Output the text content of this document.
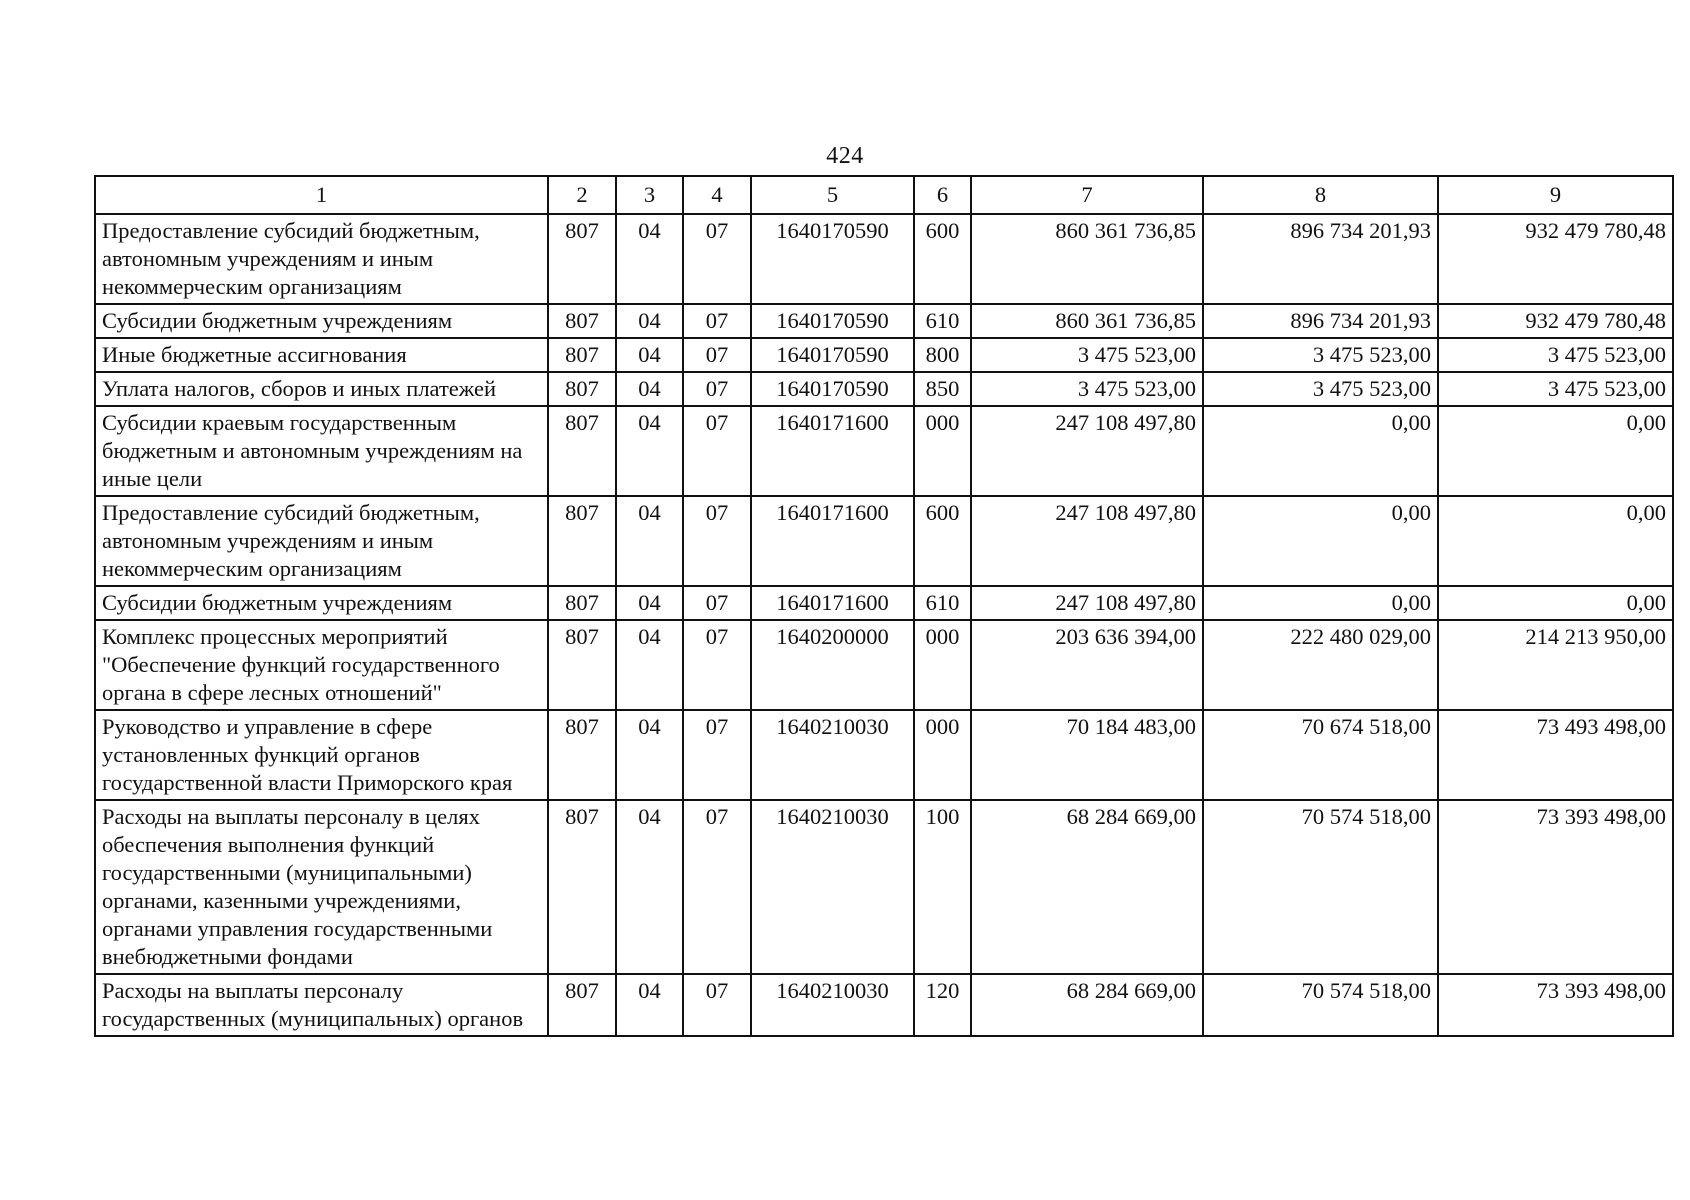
424
1	2	3	4	5	6	7	8	9
Предоставление субсидий бюджетным, автономным учреждениям и иным некоммерческим организациям	807	04	07	1640170590	600	860 361 736,85	896 734 201,93	932 479 780,48
Субсидии бюджетным учреждениям	807	04	07	1640170590	610	860 361 736,85	896 734 201,93	932 479 780,48
Иные бюджетные ассигнования	807	04	07	1640170590	800	3 475 523,00	3 475 523,00	3 475 523,00
Уплата налогов, сборов и иных платежей	807	04	07	1640170590	850	3 475 523,00	3 475 523,00	3 475 523,00
Субсидии краевым государственным бюджетным и автономным учреждениям на иные цели	807	04	07	1640171600	000	247 108 497,80	0,00	0,00
Предоставление субсидий бюджетным, автономным учреждениям и иным некоммерческим организациям	807	04	07	1640171600	600	247 108 497,80	0,00	0,00
Субсидии бюджетным учреждениям	807	04	07	1640171600	610	247 108 497,80	0,00	0,00
Комплекс процессных мероприятий "Обеспечение функций государственного органа в сфере лесных отношений"	807	04	07	1640200000	000	203 636 394,00	222 480 029,00	214 213 950,00
Руководство и управление в сфере установленных функций органов государственной власти Приморского края	807	04	07	1640210030	000	70 184 483,00	70 674 518,00	73 493 498,00
Расходы на выплаты персоналу в целях обеспечения выполнения функций государственными (муниципальными) органами, казенными учреждениями, органами управления государственными внебюджетными фондами	807	04	07	1640210030	100	68 284 669,00	70 574 518,00	73 393 498,00
Расходы на выплаты персоналу государственных (муниципальных) органов	807	04	07	1640210030	120	68 284 669,00	70 574 518,00	73 393 498,00
